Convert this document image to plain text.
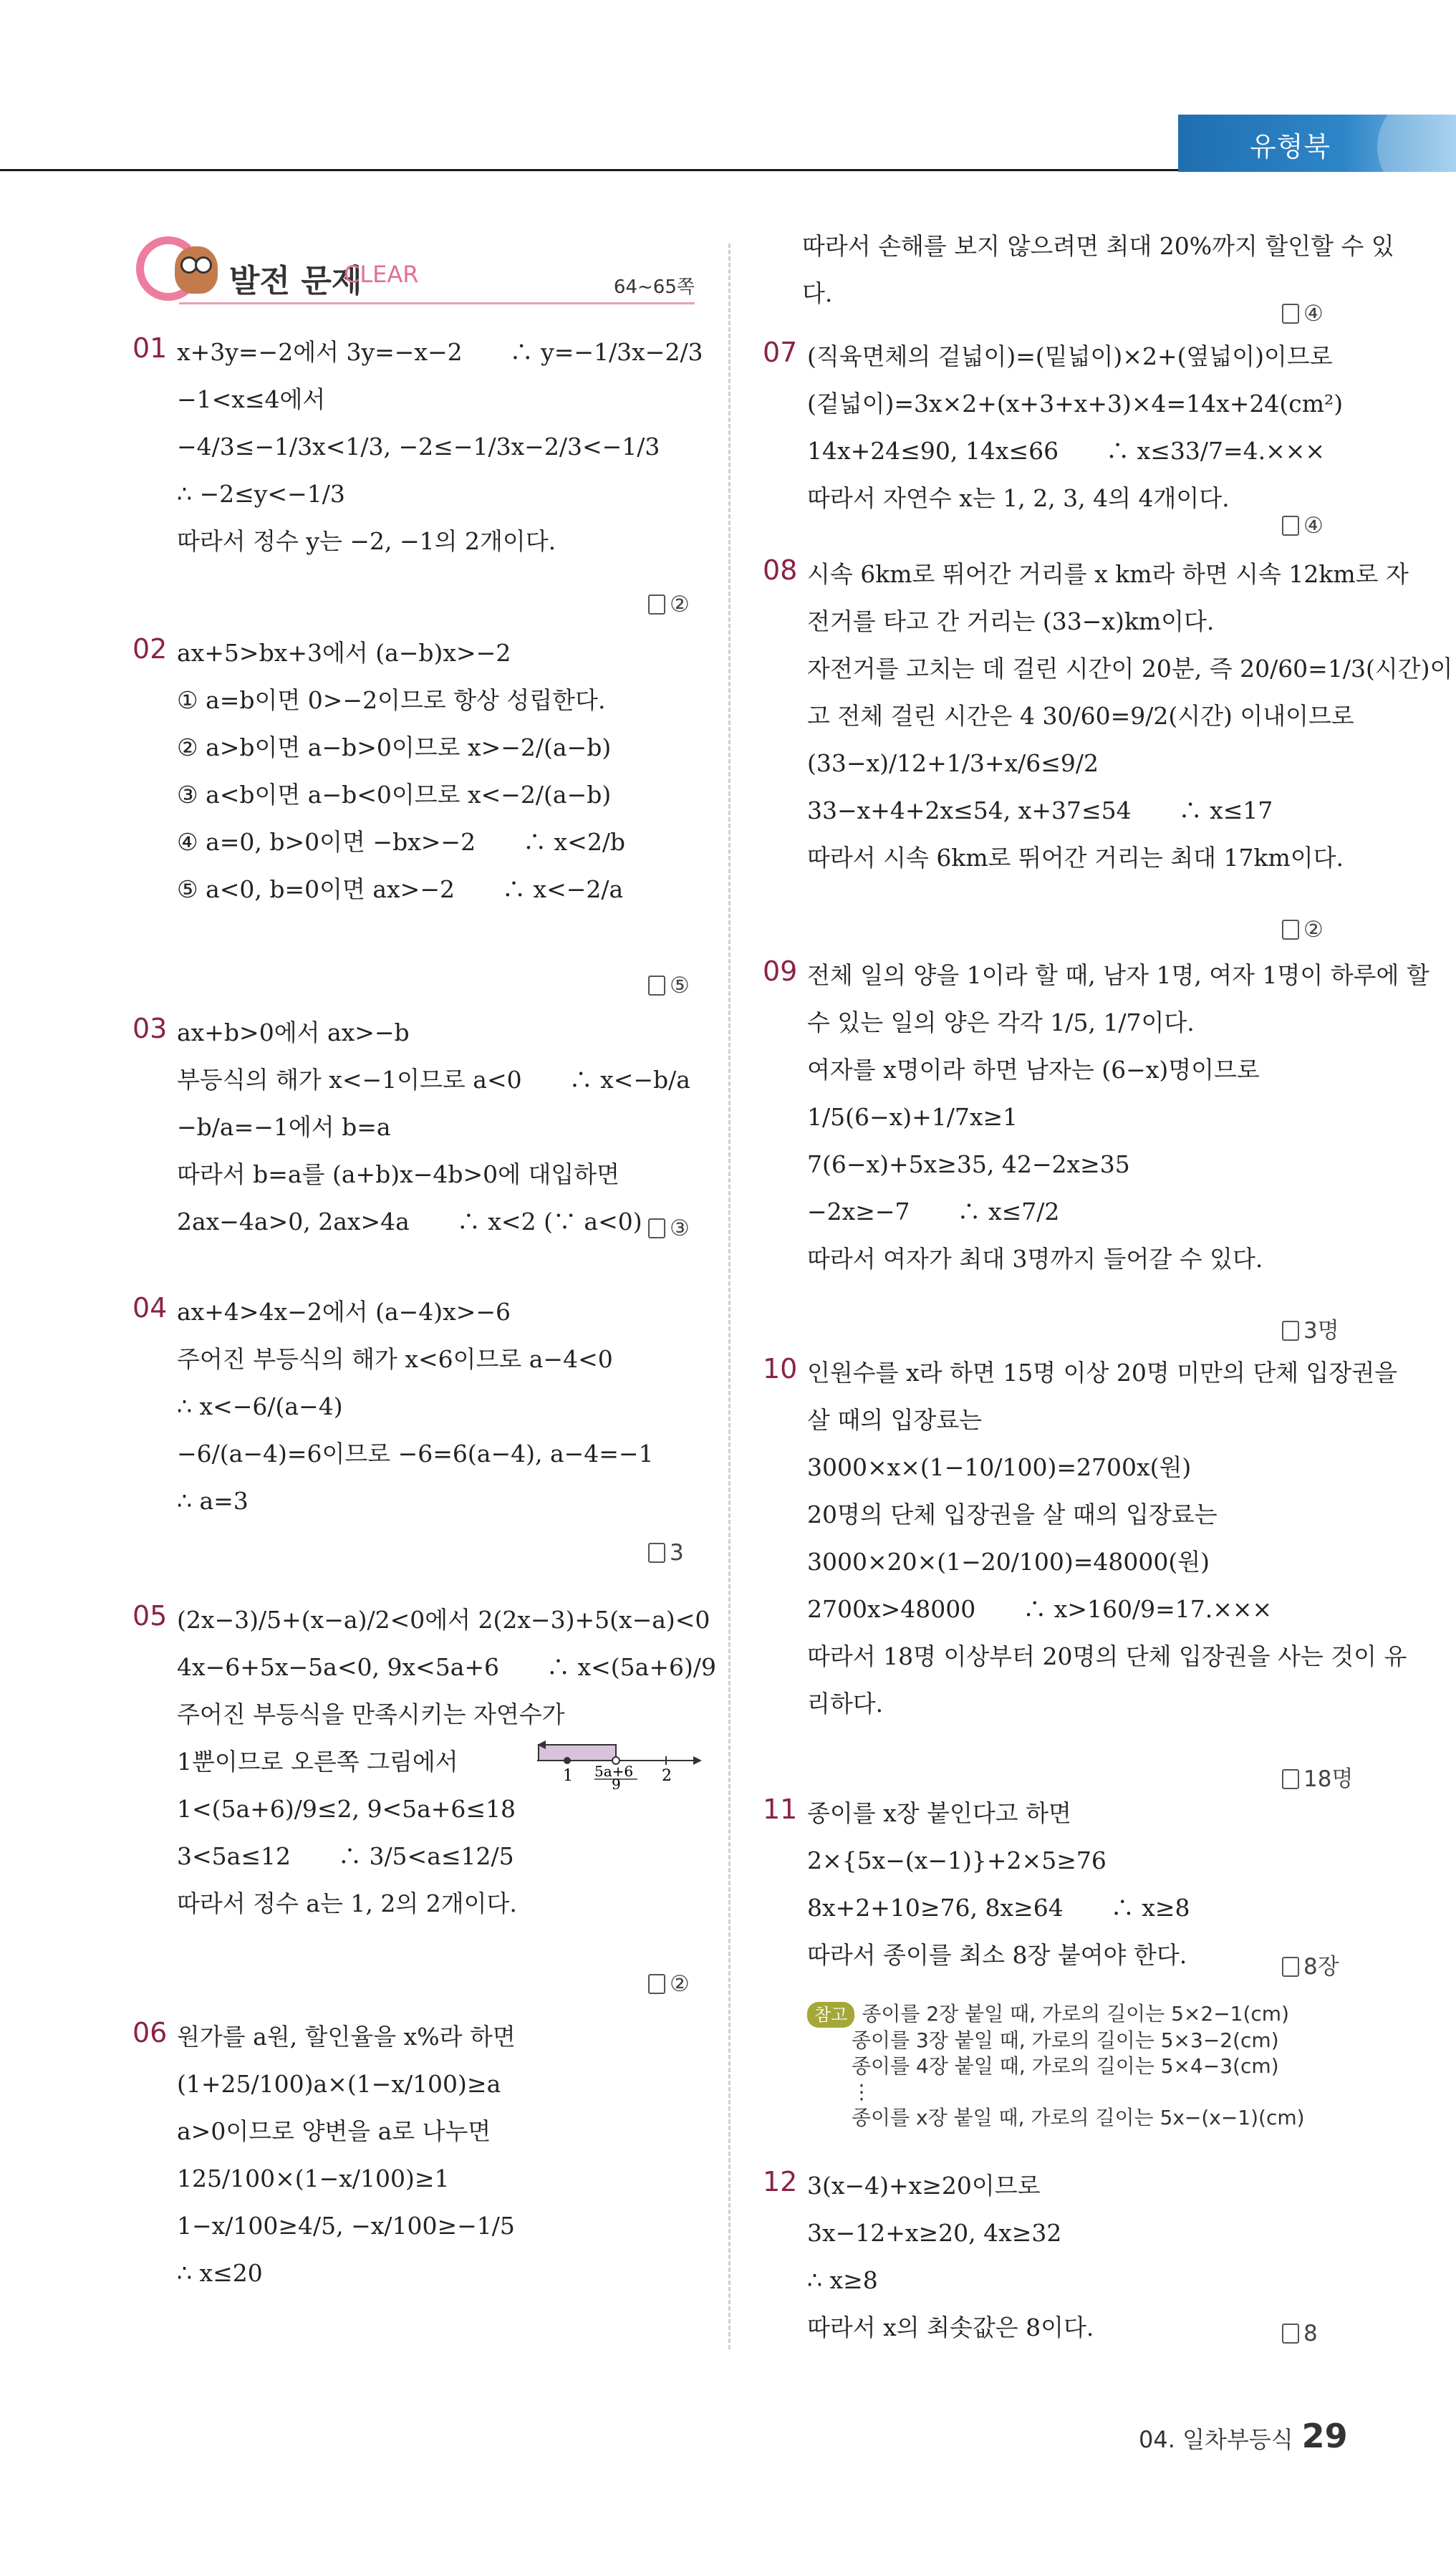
유형북
발전 문제
CLEAR	64~65쪽
01 x+3y=−2에서 3y=−x−2　　∴ y=−1/3x−2/3
−1<x≤4에서
−4/3≤−1/3x<1/3, −2≤−1/3x−2/3<−1/3
∴ −2≤y<−1/3
따라서 정수 y는 −2, −1의 2개이다.
②
02 ax+5>bx+3에서 (a−b)x>−2
① a=b이면 0>−2이므로 항상 성립한다.
② a>b이면 a−b>0이므로 x>−2/(a−b)
③ a<b이면 a−b<0이므로 x<−2/(a−b)
④ a=0, b>0이면 −bx>−2　　∴ x<2/b
⑤ a<0, b=0이면 ax>−2　　∴ x<−2/a
⑤
03 ax+b>0에서 ax>−b
부등식의 해가 x<−1이므로 a<0　　∴ x<−b/a
−b/a=−1에서 b=a
따라서 b=a를 (a+b)x−4b>0에 대입하면
2ax−4a>0, 2ax>4a　　∴ x<2 (∵ a<0)	③
04 ax+4>4x−2에서 (a−4)x>−6
주어진 부등식의 해가 x<6이므로 a−4<0
∴ x<−6/(a−4)
−6/(a−4)=6이므로 −6=6(a−4), a−4=−1
∴ a=3
3
05 (2x−3)/5+(x−a)/2<0에서 2(2x−3)+5(x−a)<0
4x−6+5x−5a<0, 9x<5a+6　　∴ x<(5a+6)/9
주어진 부등식을 만족시키는 자연수가
1뿐이므로 오른쪽 그림에서
1<(5a+6)/9≤2, 9<5a+6≤18
3<5a≤12　　∴ 3/5<a≤12/5
따라서 정수 a는 1, 2의 2개이다.
②
06 원가를 a원, 할인율을 x%라 하면
(1+25/100)a×(1−x/100)≥a
a>0이므로 양변을 a로 나누면
125/100×(1−x/100)≥1
1−x/100≥4/5, −x/100≥−1/5
∴ x≤20
따라서 손해를 보지 않으려면 최대 20%까지 할인할 수 있
다.
④
07 (직육면체의 겉넓이)=(밑넓이)×2+(옆넓이)이므로
(겉넓이)=3x×2+(x+3+x+3)×4=14x+24(cm²)
14x+24≤90, 14x≤66　　∴ x≤33/7=4.×××
따라서 자연수 x는 1, 2, 3, 4의 4개이다.
④
08 시속 6km로 뛰어간 거리를 x km라 하면 시속 12km로 자
전거를 타고 간 거리는 (33−x)km이다.
자전거를 고치는 데 걸린 시간이 20분, 즉 20/60=1/3(시간)이
고 전체 걸린 시간은 4 30/60=9/2(시간) 이내이므로
(33−x)/12+1/3+x/6≤9/2
33−x+4+2x≤54, x+37≤54　　∴ x≤17
따라서 시속 6km로 뛰어간 거리는 최대 17km이다.
②
09 전체 일의 양을 1이라 할 때, 남자 1명, 여자 1명이 하루에 할
수 있는 일의 양은 각각 1/5, 1/7이다.
여자를 x명이라 하면 남자는 (6−x)명이므로
1/5(6−x)+1/7x≥1
7(6−x)+5x≥35, 42−2x≥35
−2x≥−7　　∴ x≤7/2
따라서 여자가 최대 3명까지 들어갈 수 있다.
3명
10 인원수를 x라 하면 15명 이상 20명 미만의 단체 입장권을
살 때의 입장료는
3000×x×(1−10/100)=2700x(원)
20명의 단체 입장권을 살 때의 입장료는
3000×20×(1−20/100)=48000(원)
2700x>48000　　∴ x>160/9=17.×××
따라서 18명 이상부터 20명의 단체 입장권을 사는 것이 유
리하다.
18명
11 종이를 x장 붙인다고 하면
2×{5x−(x−1)}+2×5≥76
8x+2+10≥76, 8x≥64　　∴ x≥8
따라서 종이를 최소 8장 붙여야 한다.	8장
참고 종이를 2장 붙일 때, 가로의 길이는 5×2−1(cm)
종이를 3장 붙일 때, 가로의 길이는 5×3−2(cm)
종이를 4장 붙일 때, 가로의 길이는 5×4−3(cm)
⋮
종이를 x장 붙일 때, 가로의 길이는 5x−(x−1)(cm)
12 3(x−4)+x≥20이므로
3x−12+x≥20, 4x≥32
∴ x≥8
따라서 x의 최솟값은 8이다.	8
1 5a+6
9	2
04. 일차부등식 29
